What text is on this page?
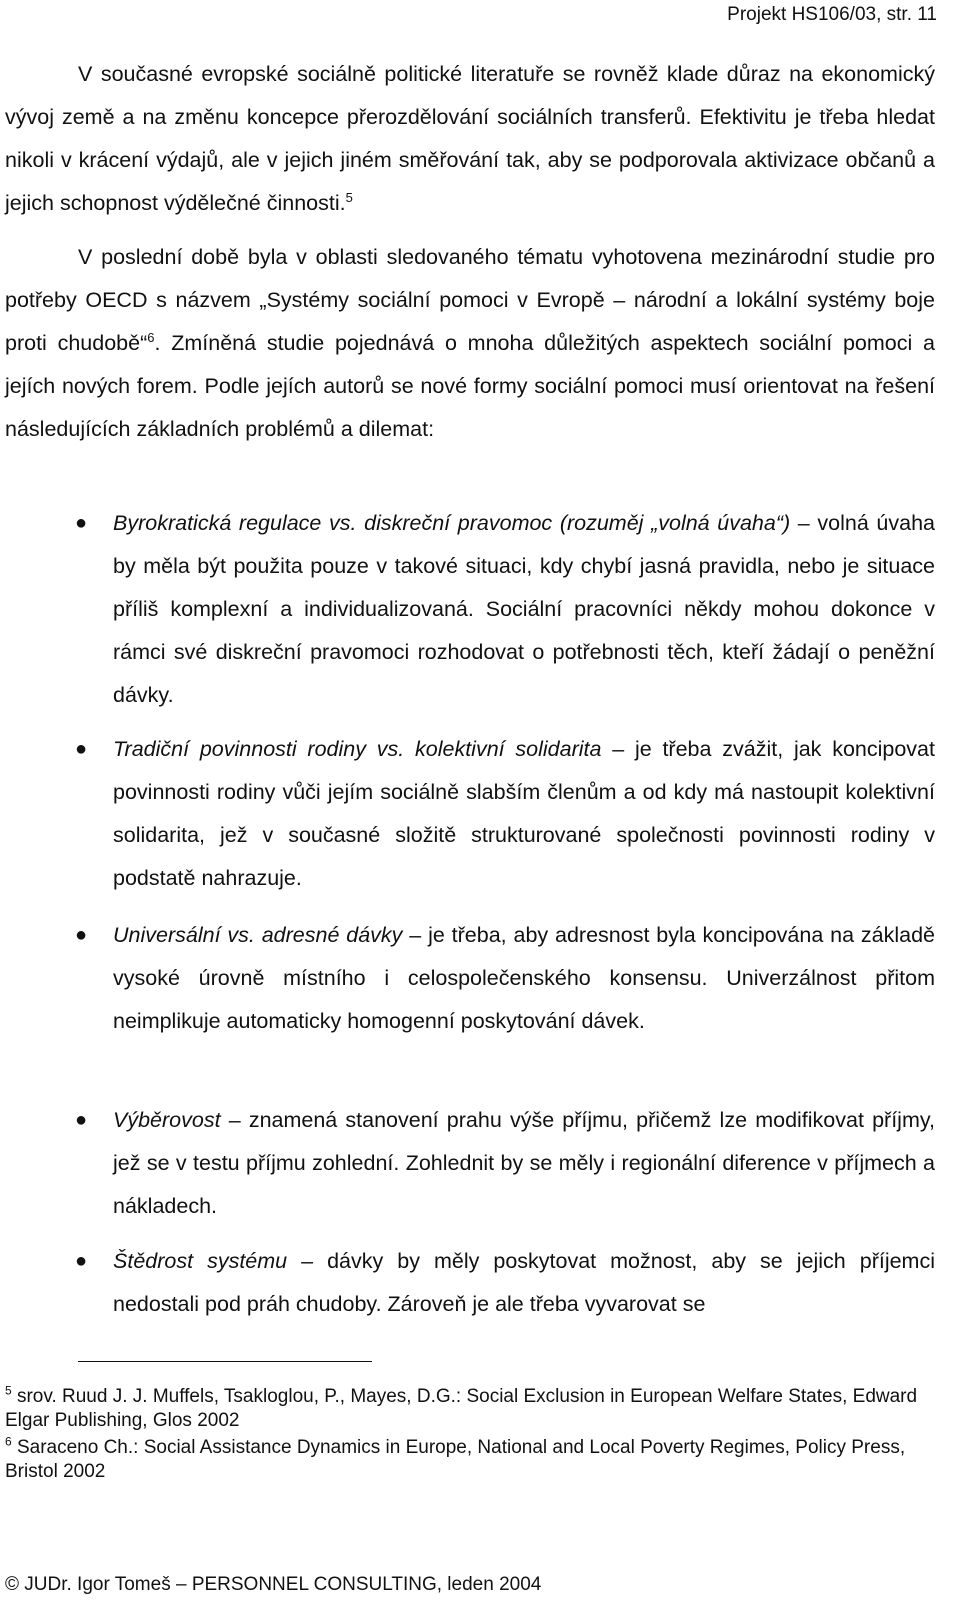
Projekt HS106/03, str. 11
V současné evropské sociálně politické literatuře se rovněž klade důraz na ekonomický vývoj země a na změnu koncepce přerozdělování sociálních transferů. Efektivitu je třeba hledat nikoli v krácení výdajů, ale v jejich jiném směřování tak, aby se podporovala aktivizace občanů a jejich schopnost výdělečné činnosti.$^5$
V poslední době byla v oblasti sledovaného tématu vyhotovena mezinárodní studie pro potřeby OECD s názvem „Systémy sociální pomoci v Evropě – národní a lokální systémy boje proti chudobě“$^6$. Zmíněná studie pojednává o mnoha důležitých aspektech sociální pomoci a jejích nových forem. Podle jejích autorů se nové formy sociální pomoci musí orientovat na řešení následujících základních problémů a dilemat:
● Byrokratická regulace vs. diskreční pravomoc (rozuměj „volná úvaha“) – volná úvaha by měla být použita pouze v takové situaci, kdy chybí jasná pravidla, nebo je situace příliš komplexní a individualizovaná. Sociální pracovníci někdy mohou dokonce v rámci své diskreční pravomoci rozhodovat o potřebnosti těch, kteří žádají o peněžní dávky.
● Tradiční povinnosti rodiny vs. kolektivní solidarita – je třeba zvážit, jak koncipovat povinnosti rodiny vůči jejím sociálně slabším členům a od kdy má nastoupit kolektivní solidarita, jež v současné složitě strukturované společnosti povinnosti rodiny v podstatě nahrazuje.
● Universální vs. adresné dávky – je třeba, aby adresnost byla koncipována na základě vysoké úrovně místního i celospolečenského konsensu. Univerzálnost přitom neimplikuje automaticky homogenní poskytování dávek.
● Výběrovost – znamená stanovení prahu výše příjmu, přičemž lze modifikovat příjmy, jež se v testu příjmu zohlední. Zohlednit by se měly i regionální diference v příjmech a nákladech.
● Štědrost systému – dávky by měly poskytovat možnost, aby se jejich příjemci nedostali pod práh chudoby. Zároveň je ale třeba vyvarovat se
$^5$ srov. Ruud J. J. Muffels, Tsakloglou, P., Mayes, D.G.: Social Exclusion in European Welfare States, Edward Elgar Publishing, Glos 2002
$^6$ Saraceno Ch.: Social Assistance Dynamics in Europe, National and Local Poverty Regimes, Policy Press, Bristol 2002
© JUDr. Igor Tomeš – PERSONNEL CONSULTING, leden 2004
